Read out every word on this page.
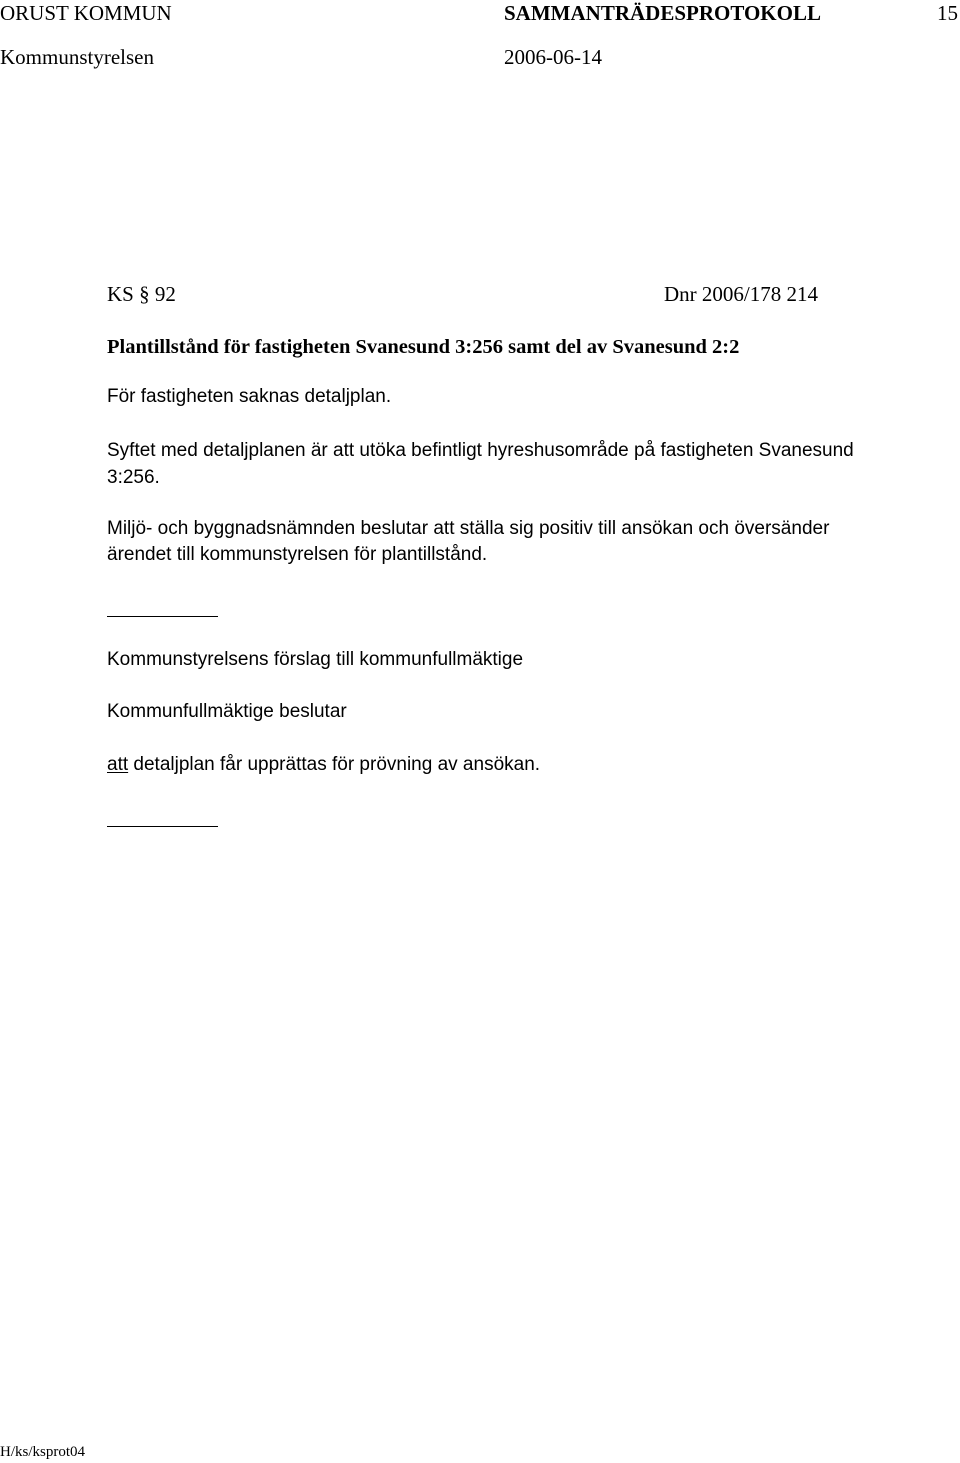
ORUST KOMMUN	SAMMANTRÄDESPROTOKOLL	15
Kommunstyrelsen	2006-06-14
KS § 92	Dnr 2006/178 214
Plantillstånd för fastigheten Svanesund 3:256 samt del av Svanesund 2:2
För fastigheten saknas detaljplan.
Syftet med detaljplanen är att utöka befintligt hyreshusområde på fastigheten Svanesund
3:256.
Miljö- och byggnadsnämnden beslutar att ställa sig positiv till ansökan och översänder
ärendet till kommunstyrelsen för plantillstånd.
Kommunstyrelsens förslag till kommunfullmäktige
Kommunfullmäktige beslutar
att detaljplan får upprättas för prövning av ansökan.
H/ks/ksprot04
